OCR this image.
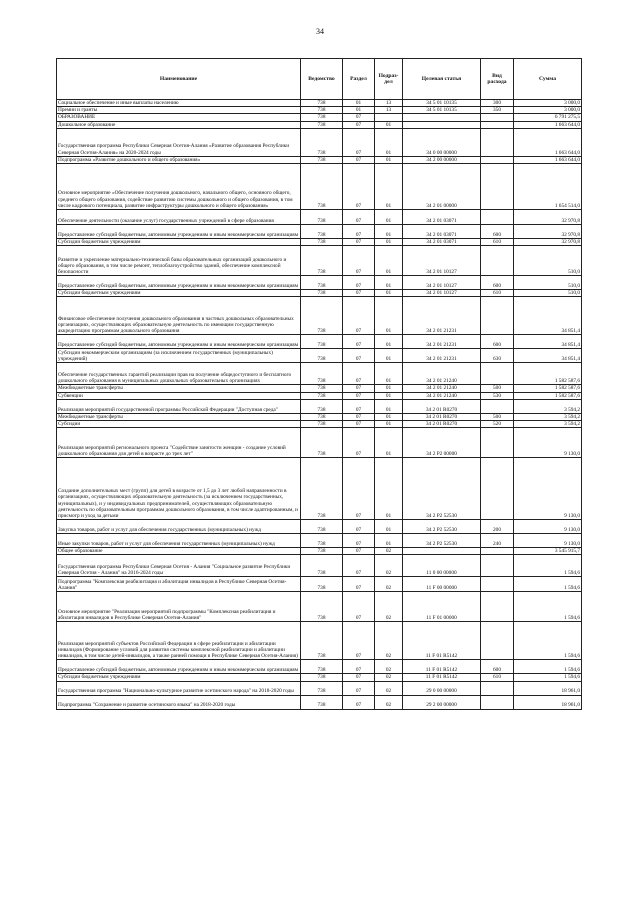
34
Наименование	Ведомство	Раздел	Подраз-дел	Целевая статья	Вид расхода	Сумма
Социальное обеспечение и иные выплаты населению	738	01	13	34 5 01 10135	300	3 000,0
Премии и гранты	738	01	13	34 5 01 10135	350	3 000,0
ОБРАЗОВАНИЕ	738	07				6 791 275,5
Дошкольное образование	738	07	01			1 663 644,0
Государственная программа Республики Северная Осетия-Алания «Развитие образования Республики Северная Осетия-Алания» на 2020-2024 годы	738	07	01	34 0 00 00000		1 663 644,0
Подпрограмма «Развитие дошкольного и общего образования»	738	07	01	34 2 00 00000		1 663 644,0
Основное мероприятие «Обеспечение получения дошкольного, начального общего, основного общего, среднего общего образования, содействие развитию системы дошкольного и общего образования, в том числе кадрового потенциала, развитие инфраструктуры дошкольного и общего образования»	738	07	01	34 2 01 00000		1 654 514,0
Обеспечение деятельности (оказание услуг) государственных учреждений в сфере образования	738	07	01	34 2 01 03071		32 970,8
Предоставление субсидий бюджетным, автономным учреждениям и иным некоммерческим организациям	738	07	01	34 2 01 03071	600	32 970,8
Субсидии бюджетным учреждениям	738	07	01	34 2 01 03071	610	32 970,8
Развитие и укрепление материально-технической базы образовательных организаций дошкольного и общего образования, в том числе ремонт, теплоблагоустройство зданий, обеспечение комплексной безопасности	738	07	01	34 2 01 10127		510,0
Предоставление субсидий бюджетным, автономным учреждениям и иным некоммерческим организациям	738	07	01	34 2 01 10127	600	510,0
Субсидии бюджетным учреждениям	738	07	01	34 2 01 10127	610	510,0
Финансовое обеспечение получения дошкольного образования в частных дошкольных образовательных организациях, осуществляющих образовательную деятельность по имеющим государственную аккредитацию программам дошкольного образования	738	07	01	34 2 01 21231		34 851,4
Предоставление субсидий бюджетным, автономным учреждениям и иным некоммерческим организациям	738	07	01	34 2 01 21231	600	34 851,4
Субсидии некоммерческим организациям (за исключением государственных (муниципальных) учреждений)	738	07	01	34 2 01 21231	630	34 851,4
Обеспечение государственных гарантий реализации прав на получение общедоступного и бесплатного дошкольного образования в муниципальных дошкольных образовательных организациях	738	07	01	34 2 01 21240		1 582 587,6
Межбюджетные трансферты	738	07	01	34 2 01 21240	500	1 582 587,6
Субвенции	738	07	01	34 2 01 21240	530	1 582 587,6
Реализация мероприятий государственной программы Российской Федерации "Доступная среда"	738	07	01	34 2 01 R0270		3 594,2
Межбюджетные трансферты	738	07	01	34 2 01 R0270	500	3 594,2
Субсидии	738	07	01	34 2 01 R0270	520	3 594,2
Реализация мероприятий регионального проекта "Содействие занятости женщин - создание условий дошкольного образования для детей в возрасте до трех лет"	738	07	01	34 2 P2 00000		9 130,0
Создание дополнительных мест (групп) для детей в возрасте от 1,5 до 3 лет любой направленности в организациях, осуществляющих образовательную деятельность (за исключением государственных, муниципальных), и у индивидуальных предпринимателей, осуществляющих образовательную деятельность по образовательным программам дошкольного образования, в том числе адаптированным, и присмотр и уход за детьми	738	07	01	34 2 P2 52530		9 130,0
Закупка товаров, работ и услуг для обеспечения государственных (муниципальных) нужд	738	07	01	34 2 P2 52530	200	9 130,0
Иные закупки товаров, работ и услуг для обеспечения государственных (муниципальных) нужд	738	07	01	34 2 P2 52530	240	9 130,0
Общее образование	738	07	02			3 545 915,7
Государственная программа Республики Северная Осетия - Алания "Социальное развитие Республики Северная Осетия - Алания" на 2016-2024 годы	738	07	02	11 0 00 00000		1 594,6
Подпрограмма "Комплексная реабилитация и абилитация инвалидов в Республике Северная Осетия-Алания"	738	07	02	11 F 00 00000		1 594,6
Основное мероприятие "Реализация мероприятий подпрограммы "Комплексная реабилитация и абилитация инвалидов в Республике Северная Осетия-Алания"	738	07	02	11 F 01 00000		1 594,6
Реализация мероприятий субъектов Российской Федерации в сфере реабилитации и абилитации инвалидов (Формирование условий для развития системы комплексной реабилитации и абилитации инвалидов, в том числе детей-инвалидов, а также ранней помощи в Республике Северная Осетия-Алания)	738	07	02	11 F 01 R5142		1 594,6
Предоставление субсидий бюджетным, автономным учреждениям и иным некоммерческим организациям	738	07	02	11 F 01 R5142	600	1 594,6
Субсидии бюджетным учреждениям	738	07	02	11 F 01 R5142	610	1 594,6
Государственная программа "Национально-культурное развитие осетинского народа" на 2018-2020 годы	738	07	02	29 0 00 00000		18 961,0
Подпрограмма "Сохранение и развитие осетинского языка" на 2018-2020 годы	738	07	02	29 2 00 00000		18 961,0
